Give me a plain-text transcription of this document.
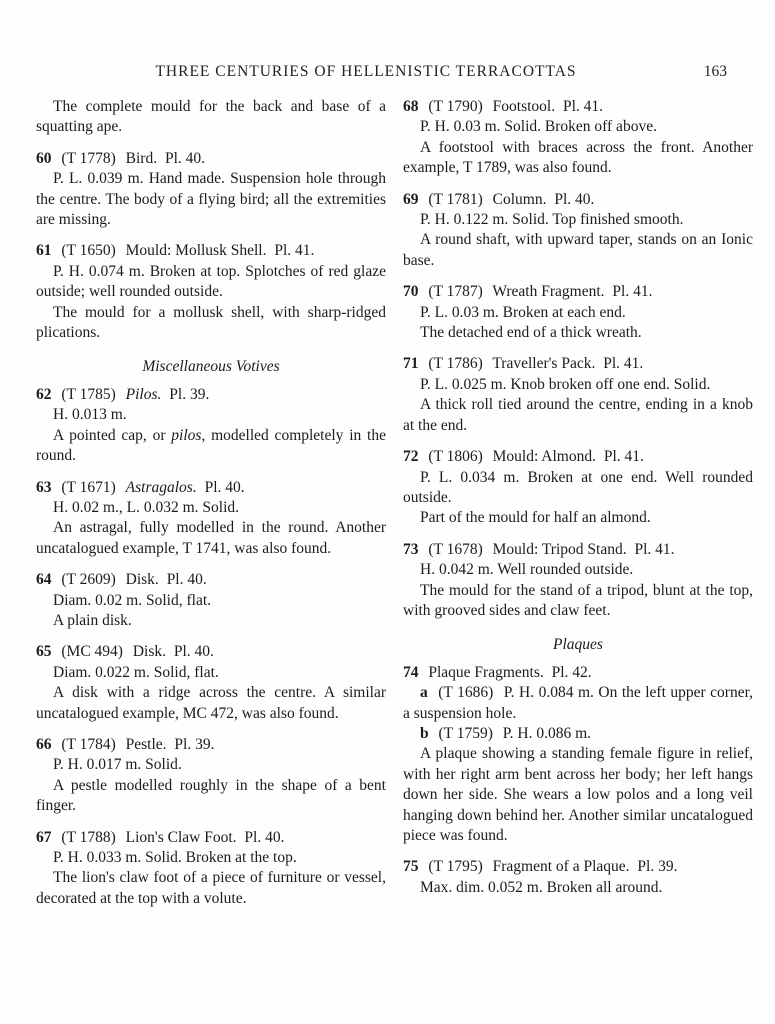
THREE CENTURIES OF HELLENISTIC TERRACOTTAS	163

The complete mould for the back and base of a squatting ape.

60 (T 1778) Bird. Pl. 40.

P. L. 0.039 m. Hand made. Suspension hole through the centre. The body of a flying bird; all the extremities are missing.

61 (T 1650) Mould: Mollusk Shell. Pl. 41.

P. H. 0.074 m. Broken at top. Splotches of red glaze outside; well rounded outside.

The mould for a mollusk shell, with sharp-ridged plications.

Miscellaneous Votives

62 (T 1785) Pilos. Pl. 39.

H. 0.013 m.

A pointed cap, or pilos, modelled completely in the round.

63 (T 1671) Astragalos. Pl. 40.

H. 0.02 m., L. 0.032 m. Solid.

An astragal, fully modelled in the round. Another uncatalogued example, T 1741, was also found.

64 (T 2609) Disk. Pl. 40.

Diam. 0.02 m. Solid, flat.

A plain disk.

65 (MC 494) Disk. Pl. 40.

Diam. 0.022 m. Solid, flat.

A disk with a ridge across the centre. A similar uncatalogued example, MC 472, was also found.

66 (T 1784) Pestle. Pl. 39.

P. H. 0.017 m. Solid.

A pestle modelled roughly in the shape of a bent finger.

67 (T 1788) Lion's Claw Foot. Pl. 40.

P. H. 0.033 m. Solid. Broken at the top.

The lion's claw foot of a piece of furniture or vessel, decorated at the top with a volute.

68 (T 1790) Footstool. Pl. 41.

P. H. 0.03 m. Solid. Broken off above.

A footstool with braces across the front. Another example, T 1789, was also found.

69 (T 1781) Column. Pl. 40.

P. H. 0.122 m. Solid. Top finished smooth.

A round shaft, with upward taper, stands on an Ionic base.

70 (T 1787) Wreath Fragment. Pl. 41.

P. L. 0.03 m. Broken at each end.

The detached end of a thick wreath.

71 (T 1786) Traveller's Pack. Pl. 41.

P. L. 0.025 m. Knob broken off one end. Solid.

A thick roll tied around the centre, ending in a knob at the end.

72 (T 1806) Mould: Almond. Pl. 41.

P. L. 0.034 m. Broken at one end. Well rounded outside.

Part of the mould for half an almond.

73 (T 1678) Mould: Tripod Stand. Pl. 41.

H. 0.042 m. Well rounded outside.

The mould for the stand of a tripod, blunt at the top, with grooved sides and claw feet.

Plaques

74 Plaque Fragments. Pl. 42.

a (T 1686) P. H. 0.084 m. On the left upper corner, a suspension hole.

b (T 1759) P. H. 0.086 m.

A plaque showing a standing female figure in relief, with her right arm bent across her body; her left hangs down her side. She wears a low polos and a long veil hanging down behind her. Another similar uncatalogued piece was found.

75 (T 1795) Fragment of a Plaque. Pl. 39.

Max. dim. 0.052 m. Broken all around.
